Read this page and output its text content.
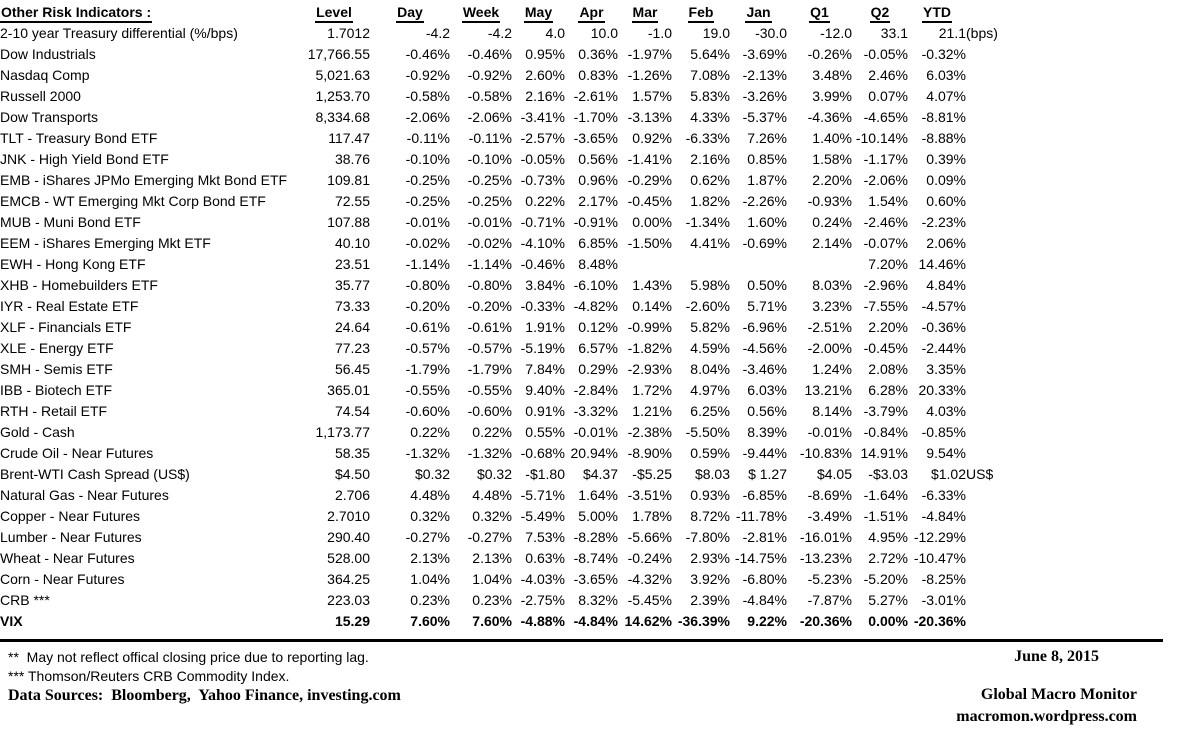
Other Risk Indicators :	Level	Day	Week	May	Apr	Mar	Feb	Jan	Q1	Q2	YTD	
2-10 year Treasury differential (%/bps)	1.7012	-4.2	-4.2	4.0	10.0	-1.0	19.0	-30.0	-12.0	33.1	21.1	(bps)
Dow Industrials	17,766.55	-0.46%	-0.46%	0.95%	0.36%	-1.97%	5.64%	-3.69%	-0.26%	-0.05%	-0.32%	
Nasdaq Comp	5,021.63	-0.92%	-0.92%	2.60%	0.83%	-1.26%	7.08%	-2.13%	3.48%	2.46%	6.03%	
Russell 2000	1,253.70	-0.58%	-0.58%	2.16%	-2.61%	1.57%	5.83%	-3.26%	3.99%	0.07%	4.07%	
Dow Transports	8,334.68	-2.06%	-2.06%	-3.41%	-1.70%	-3.13%	4.33%	-5.37%	-4.36%	-4.65%	-8.81%	
TLT - Treasury Bond ETF	117.47	-0.11%	-0.11%	-2.57%	-3.65%	0.92%	-6.33%	7.26%	1.40%	-10.14%	-8.88%	
JNK - High Yield Bond ETF	38.76	-0.10%	-0.10%	-0.05%	0.56%	-1.41%	2.16%	0.85%	1.58%	-1.17%	0.39%	
EMB - iShares JPMo Emerging Mkt Bond ETF	109.81	-0.25%	-0.25%	-0.73%	0.96%	-0.29%	0.62%	1.87%	2.20%	-2.06%	0.09%	
EMCB - WT Emerging Mkt Corp Bond ETF	72.55	-0.25%	-0.25%	0.22%	2.17%	-0.45%	1.82%	-2.26%	-0.93%	1.54%	0.60%	
MUB - Muni Bond ETF	107.88	-0.01%	-0.01%	-0.71%	-0.91%	0.00%	-1.34%	1.60%	0.24%	-2.46%	-2.23%	
EEM - iShares Emerging Mkt ETF	40.10	-0.02%	-0.02%	-4.10%	6.85%	-1.50%	4.41%	-0.69%	2.14%	-0.07%	2.06%	
EWH - Hong Kong ETF	23.51	-1.14%	-1.14%	-0.46%	8.48%					7.20%	14.46%	
XHB - Homebuilders ETF	35.77	-0.80%	-0.80%	3.84%	-6.10%	1.43%	5.98%	0.50%	8.03%	-2.96%	4.84%	
IYR - Real Estate ETF	73.33	-0.20%	-0.20%	-0.33%	-4.82%	0.14%	-2.60%	5.71%	3.23%	-7.55%	-4.57%	
XLF - Financials ETF	24.64	-0.61%	-0.61%	1.91%	0.12%	-0.99%	5.82%	-6.96%	-2.51%	2.20%	-0.36%	
XLE - Energy ETF	77.23	-0.57%	-0.57%	-5.19%	6.57%	-1.82%	4.59%	-4.56%	-2.00%	-0.45%	-2.44%	
SMH - Semis ETF	56.45	-1.79%	-1.79%	7.84%	0.29%	-2.93%	8.04%	-3.46%	1.24%	2.08%	3.35%	
IBB - Biotech ETF	365.01	-0.55%	-0.55%	9.40%	-2.84%	1.72%	4.97%	6.03%	13.21%	6.28%	20.33%	
RTH - Retail ETF	74.54	-0.60%	-0.60%	0.91%	-3.32%	1.21%	6.25%	0.56%	8.14%	-3.79%	4.03%	
Gold - Cash	1,173.77	0.22%	0.22%	0.55%	-0.01%	-2.38%	-5.50%	8.39%	-0.01%	-0.84%	-0.85%	
Crude Oil - Near Futures	58.35	-1.32%	-1.32%	-0.68%	20.94%	-8.90%	0.59%	-9.44%	-10.83%	14.91%	9.54%	
Brent-WTI Cash Spread (US$)	$4.50	$0.32	$0.32	-$1.80	$4.37	-$5.25	$8.03	$ 1.27	$4.05	-$3.03	$1.02	US$
Natural Gas - Near Futures	2.706	4.48%	4.48%	-5.71%	1.64%	-3.51%	0.93%	-6.85%	-8.69%	-1.64%	-6.33%	
Copper - Near Futures	2.7010	0.32%	0.32%	-5.49%	5.00%	1.78%	8.72%	-11.78%	-3.49%	-1.51%	-4.84%	
Lumber - Near Futures	290.40	-0.27%	-0.27%	7.53%	-8.28%	-5.66%	-7.80%	-2.81%	-16.01%	4.95%	-12.29%	
Wheat - Near Futures	528.00	2.13%	2.13%	0.63%	-8.74%	-0.24%	2.93%	-14.75%	-13.23%	2.72%	-10.47%	
Corn - Near Futures	364.25	1.04%	1.04%	-4.03%	-3.65%	-4.32%	3.92%	-6.80%	-5.23%	-5.20%	-8.25%	
CRB ***	223.03	0.23%	0.23%	-2.75%	8.32%	-5.45%	2.39%	-4.84%	-7.87%	5.27%	-3.01%	
VIX	15.29	7.60%	7.60%	-4.88%	-4.84%	14.62%	-36.39%	9.22%	-20.36%	0.00%	-20.36%	
**  May not reflect offical closing price due to reporting lag.
*** Thomson/Reuters CRB Commodity Index.
Data Sources:  Bloomberg,  Yahoo Finance, investing.com
June 8, 2015
Global Macro Monitor
macromon.wordpress.com
